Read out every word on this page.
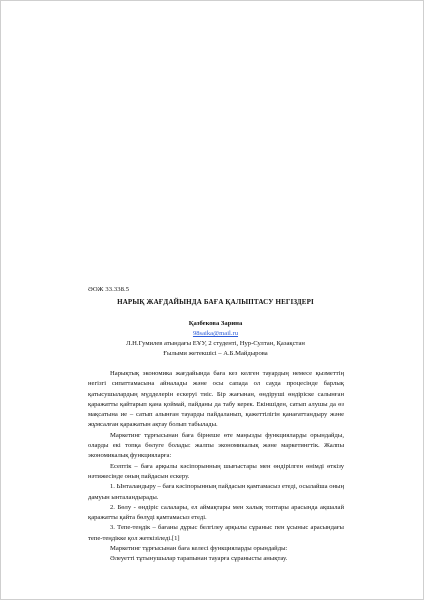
ӘОЖ 33.338.5
НАРЫҚ ЖАҒДАЙЫНДА БАҒА ҚАЛЫПТАСУ НЕГІЗДЕРІ
Қазбекова Зарина
98saika@mail.ru
Л.Н.Гумилев атындағы ЕҰУ, 2 студенті, Нур-Султан, Қазақстан
Ғылыми жетекшісі – А.Б.Майдырова

Нарықтық экономика жағдайында баға кез келген тауардың немесе қызметтің негізгі сипаттамасына айналады және осы сапада ол сауда процесінде барлық қатысушылардың мүдделерін ескеруі тиіс. Бір жағынан, өндіруші өндіріске салынған қаражатты қайтарып қана қоймай, пайданы да табу керек. Екіншіден, сатып алушы да өз мақсатына ие – сатып алынған тауарды пайдаланып, қажеттілігін қанағаттандыру және жұмсалған қаражатын ақтау болып табылады.

Маркетинг тұрғысынан баға бірнеше өте маңызды функцияларды орындайды, оларды екі топқа бөлуге болады: жалпы экономикалық және маркетингтік. Жалпы экономикалық функцияларға:

Есептік – баға арқылы кәсіпорынның шығыстары мен өндірілген өнімді өткізу нәтижесінде оның пайдасын ескеру.

1. Ынталандыру – баға кәсіпорынның пайдасын қамтамасыз етеді, осылайша оның дамуын ынталандырады.

2. Бөлу - өндіріс салалары, ел аймақтары мен халық топтары арасында ақшалай қаражатты қайта бөлуді қамтамасыз етеді.

3. Тепе-теңдік – бағаны дұрыс белгілеу арқылы сұраныс пен ұсыныс арасындағы тепе-теңдікке қол жеткізіледі.[1]

Маркетинг тұрғысынан баға келесі функцияларды орындайды:

Әлеуетті тұтынушылар тарапынан тауарға сұранысты анықтау.
